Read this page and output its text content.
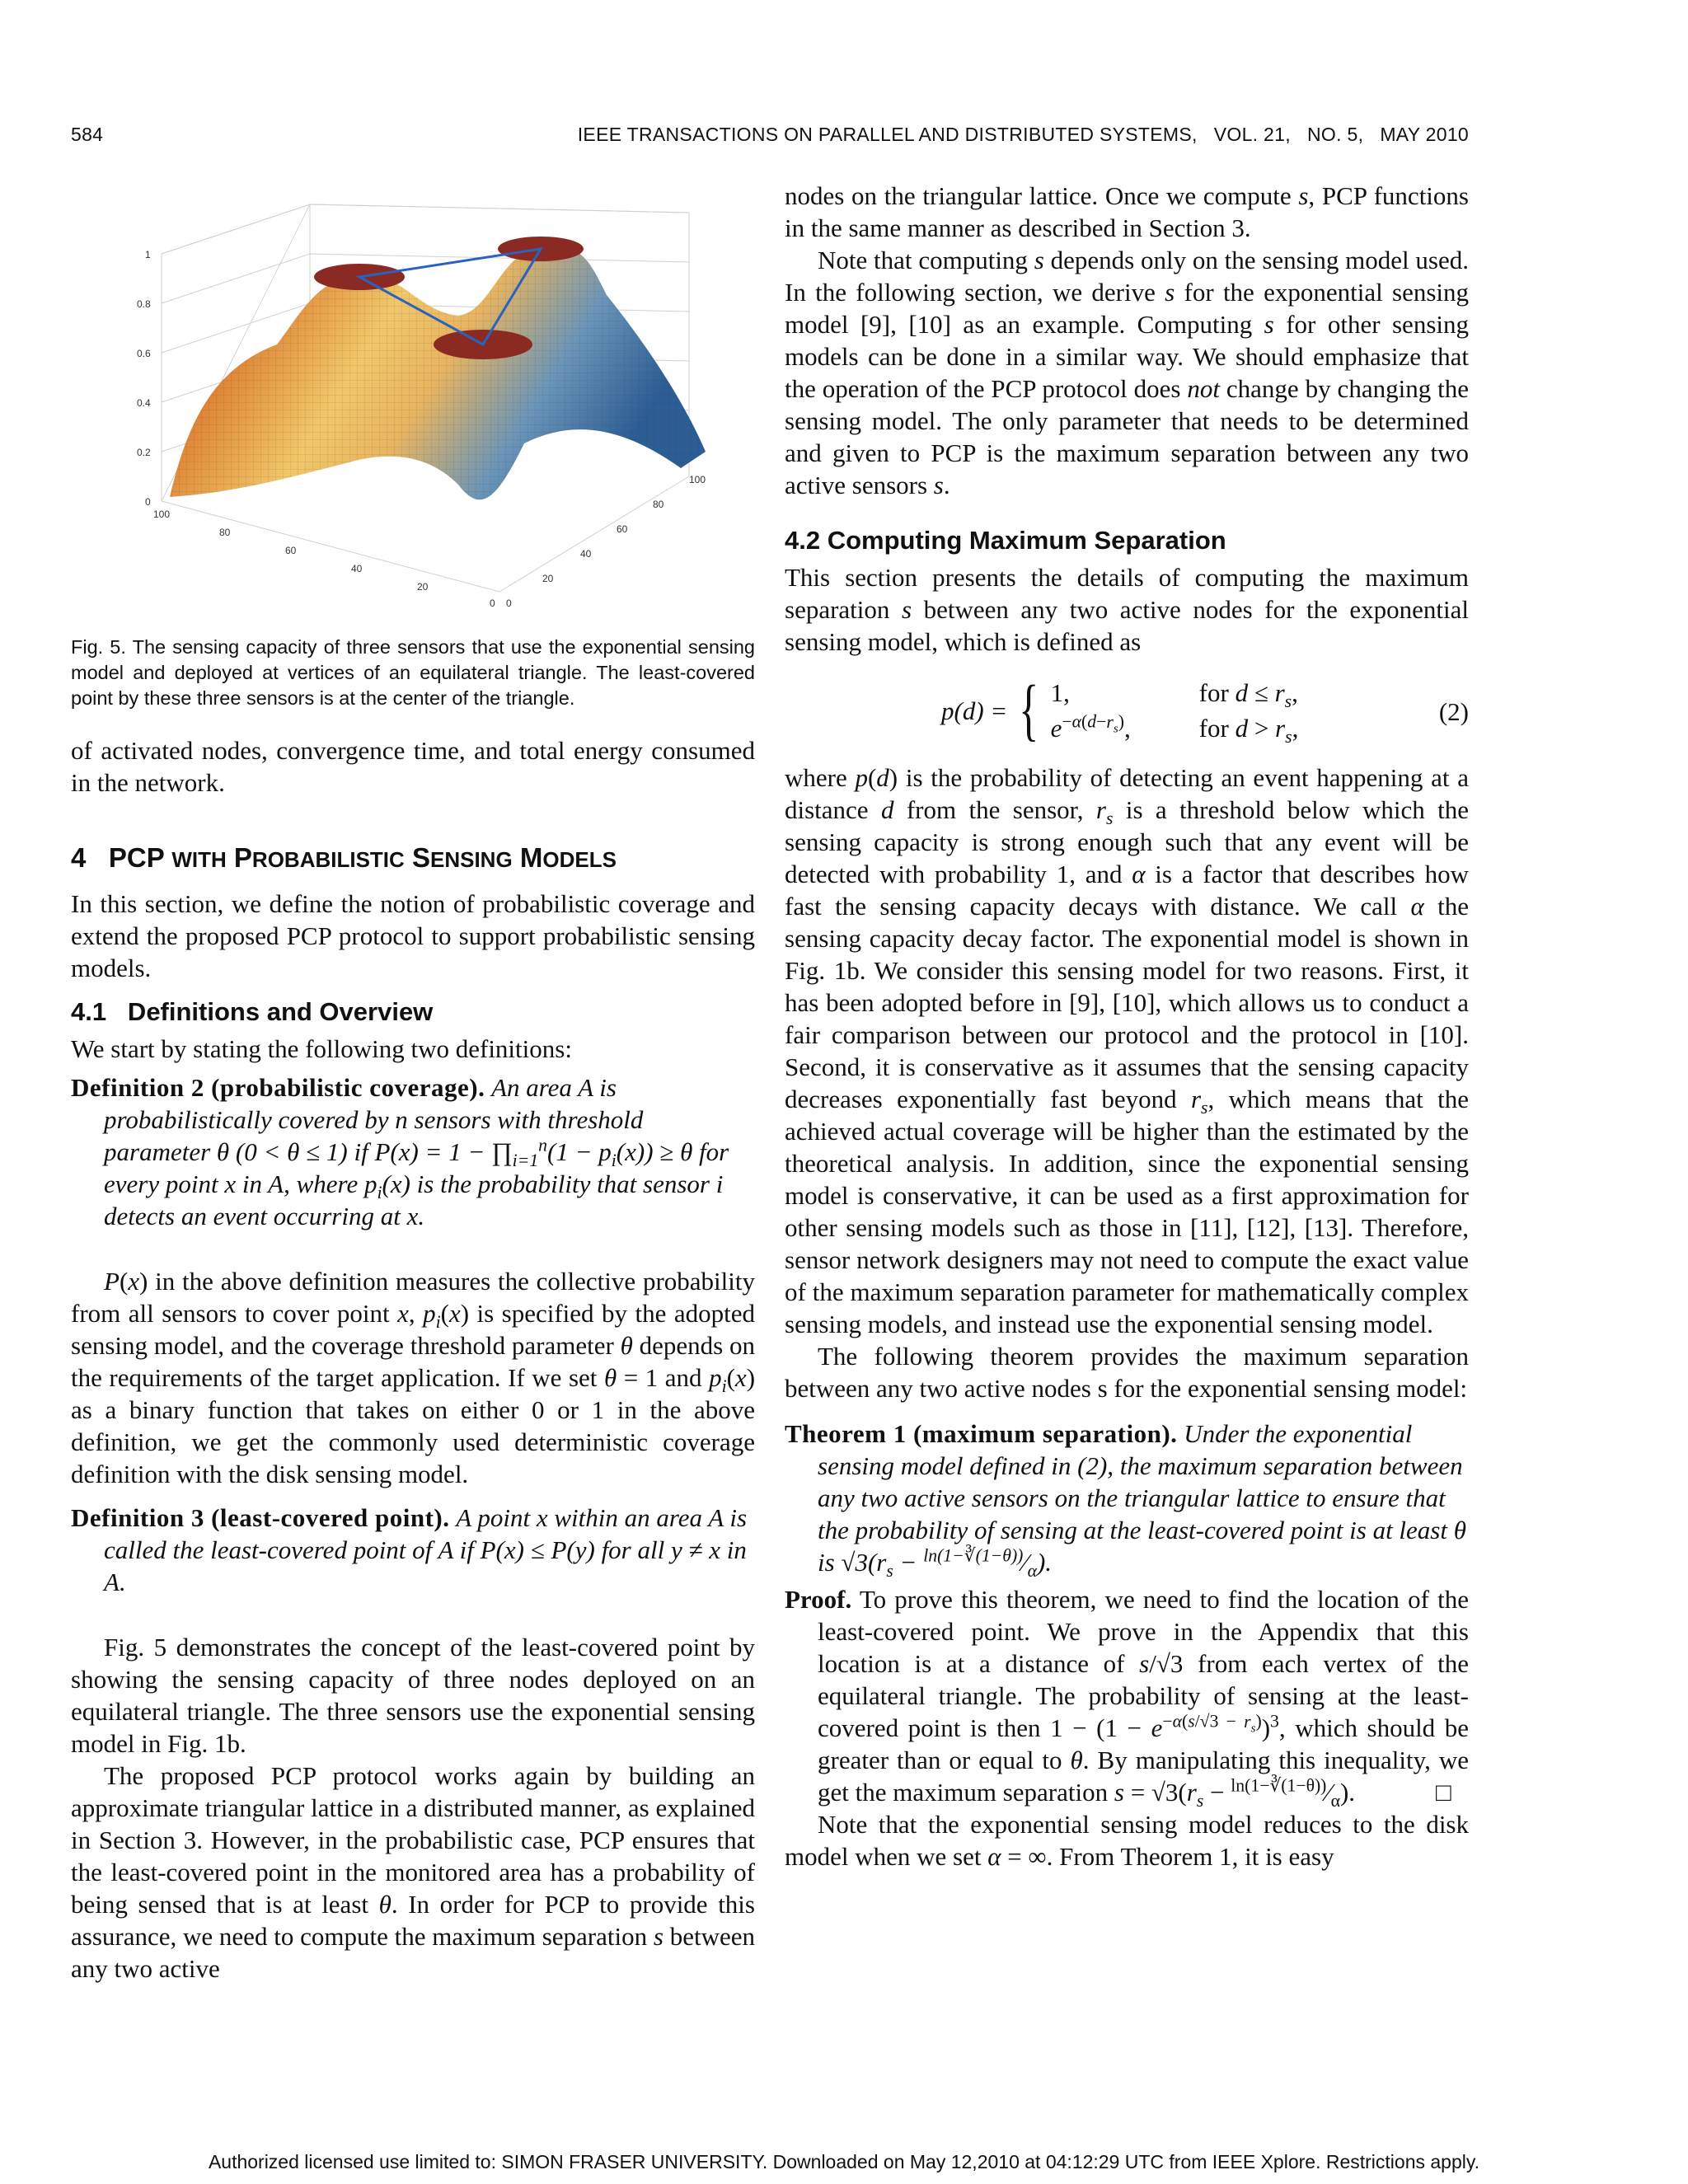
584	IEEE TRANSACTIONS ON PARALLEL AND DISTRIBUTED SYSTEMS,   VOL. 21,   NO. 5,   MAY 2010
0
0.2
0.4
0.6
0.8
1
100
80
60
40
20
0 0
20
40
60
80
100

Fig. 5. The sensing capacity of three sensors that use the exponential sensing model and deployed at vertices of an equilateral triangle. The least-covered point by these three sensors is at the center of the triangle.

of activated nodes, convergence time, and total energy consumed in the network.

4 PCP WITH PROBABILISTIC SENSING MODELS

In this section, we define the notion of probabilistic coverage and extend the proposed PCP protocol to support probabilistic sensing models.

4.1   Definitions and Overview

We start by stating the following two definitions:

Definition 2 (probabilistic coverage). An area A is probabilistically covered by n sensors with threshold parameter θ (0 < θ ≤ 1) if $P(x) = 1 - \prod_{i=1}^n(1 - p_i(x)) \ge \theta$ for every point x in A, where $p_i(x)$ is the probability that sensor i detects an event occurring at x.

P(x) in the above definition measures the collective probability from all sensors to cover point x, $p_i(x)$ is specified by the adopted sensing model, and the coverage threshold parameter θ depends on the requirements of the target application. If we set θ = 1 and $p_i(x)$ as a binary function that takes on either 0 or 1 in the above definition, we get the commonly used deterministic coverage definition with the disk sensing model.

Definition 3 (least-covered point). A point x within an area A is called the least-covered point of A if P(x) ≤ P(y) for all y ≠ x in A.

Fig. 5 demonstrates the concept of the least-covered point by showing the sensing capacity of three nodes deployed on an equilateral triangle. The three sensors use the exponential sensing model in Fig. 1b.

The proposed PCP protocol works again by building an approximate triangular lattice in a distributed manner, as explained in Section 3. However, in the probabilistic case, PCP ensures that the least-covered point in the monitored area has a probability of being sensed that is at least θ. In order for PCP to provide this assurance, we need to compute the maximum separation s between any two active

nodes on the triangular lattice. Once we compute s, PCP functions in the same manner as described in Section 3.

Note that computing s depends only on the sensing model used. In the following section, we derive s for the exponential sensing model [9], [10] as an example. Computing s for other sensing models can be done in a similar way. We should emphasize that the operation of the PCP protocol does not change by changing the sensing model. The only parameter that needs to be determined and given to PCP is the maximum separation between any two active sensors s.

4.2 Computing Maximum Separation

This section presents the details of computing the maximum separation s between any two active nodes for the exponential sensing model, which is defined as

p(d) = { 1,	for $d \le r_s$,
$e^{-\alpha(d-r_s)}$,	for $d > r_s$,
(2)

where p(d) is the probability of detecting an event happening at a distance d from the sensor, $r_s$ is a threshold below which the sensing capacity is strong enough such that any event will be detected with probability 1, and α is a factor that describes how fast the sensing capacity decays with distance. We call α the sensing capacity decay factor. The exponential model is shown in Fig. 1b. We consider this sensing model for two reasons. First, it has been adopted before in [9], [10], which allows us to conduct a fair comparison between our protocol and the protocol in [10]. Second, it is conservative as it assumes that the sensing capacity decreases exponentially fast beyond $r_s$, which means that the achieved actual coverage will be higher than the estimated by the theoretical analysis. In addition, since the exponential sensing model is conservative, it can be used as a first approximation for other sensing models such as those in [11], [12], [13]. Therefore, sensor network designers may not need to compute the exact value of the maximum separation parameter for mathematically complex sensing models, and instead use the exponential sensing model.

The following theorem provides the maximum separation between any two active nodes s for the exponential sensing model:

Theorem 1 (maximum separation). Under the exponential sensing model defined in (2), the maximum separation between any two active sensors on the triangular lattice to ensure that the probability of sensing at the least-covered point is at least θ is $√3(r_s$ − $^{ln(1-∛(1-\theta))}⁄_\alpha$).
Proof. To prove this theorem, we need to find the location of the least-covered point. We prove in the Appendix that this location is at a distance of s/√3 from each vertex of the equilateral triangle. The probability of sensing at the least-covered point is then $1 - (1 - e^{-\alpha(s/√3 - r_s)})^3$, which should be greater than or equal to θ. By manipulating this inequality, we get the maximum separation $s = √3(r_s$ − $^{ln(1-∛(1-\theta))}⁄_\alpha$).	□

Note that the exponential sensing model reduces to the disk model when we set α = ∞. From Theorem 1, it is easy

Authorized licensed use limited to: SIMON FRASER UNIVERSITY. Downloaded on May 12,2010 at 04:12:29 UTC from IEEE Xplore. Restrictions apply.
